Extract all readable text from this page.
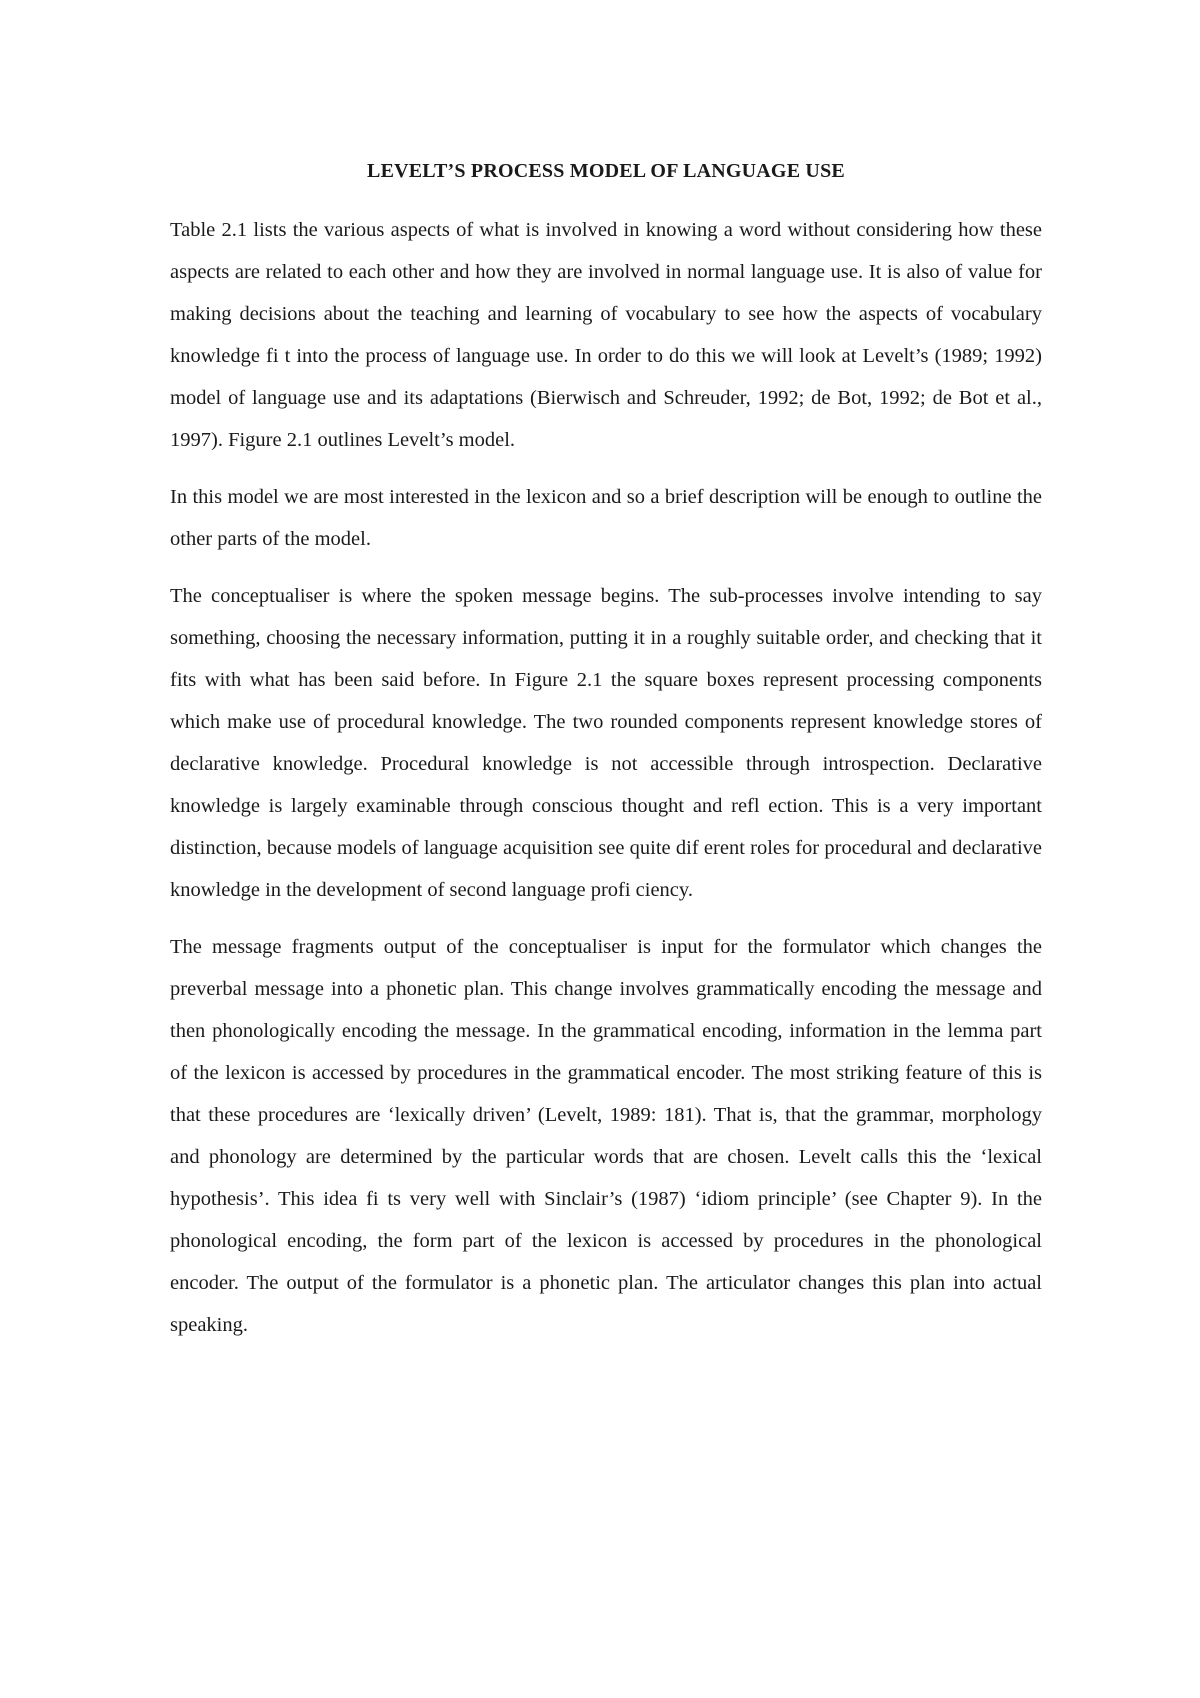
LEVELT’S PROCESS MODEL OF LANGUAGE USE

Table 2.1 lists the various aspects of what is involved in knowing a word without considering how these aspects are related to each other and how they are involved in normal language use. It is also of value for making decisions about the teaching and learning of vocabulary to see how the aspects of vocabulary knowledge fi t into the process of language use. In order to do this we will look at Levelt’s (1989; 1992) model of language use and its adaptations (Bierwisch and Schreuder, 1992; de Bot, 1992; de Bot et al., 1997). Figure 2.1 outlines Levelt’s model.

In this model we are most interested in the lexicon and so a brief description will be enough to outline the other parts of the model.

The conceptualiser is where the spoken message begins. The sub-processes involve intending to say something, choosing the necessary information, putting it in a roughly suitable order, and checking that it fits with what has been said before. In Figure 2.1 the square boxes represent processing components which make use of procedural knowledge. The two rounded components represent knowledge stores of declarative knowledge. Procedural knowledge is not accessible through introspection. Declarative knowledge is largely examinable through conscious thought and refl ection. This is a very important distinction, because models of language acquisition see quite dif erent roles for procedural and declarative knowledge in the development of second language profi ciency.

The message fragments output of the conceptualiser is input for the formulator which changes the preverbal message into a phonetic plan. This change involves grammatically encoding the message and then phonologically encoding the message. In the grammatical encoding, information in the lemma part of the lexicon is accessed by procedures in the grammatical encoder. The most striking feature of this is that these procedures are ‘lexically driven’ (Levelt, 1989: 181). That is, that the grammar, morphology and phonology are determined by the particular words that are chosen. Levelt calls this the ‘lexical hypothesis’. This idea fi ts very well with Sinclair’s (1987) ‘idiom principle’ (see Chapter 9). In the phonological encoding, the form part of the lexicon is accessed by procedures in the phonological encoder. The output of the formulator is a phonetic plan. The articulator changes this plan into actual speaking.
